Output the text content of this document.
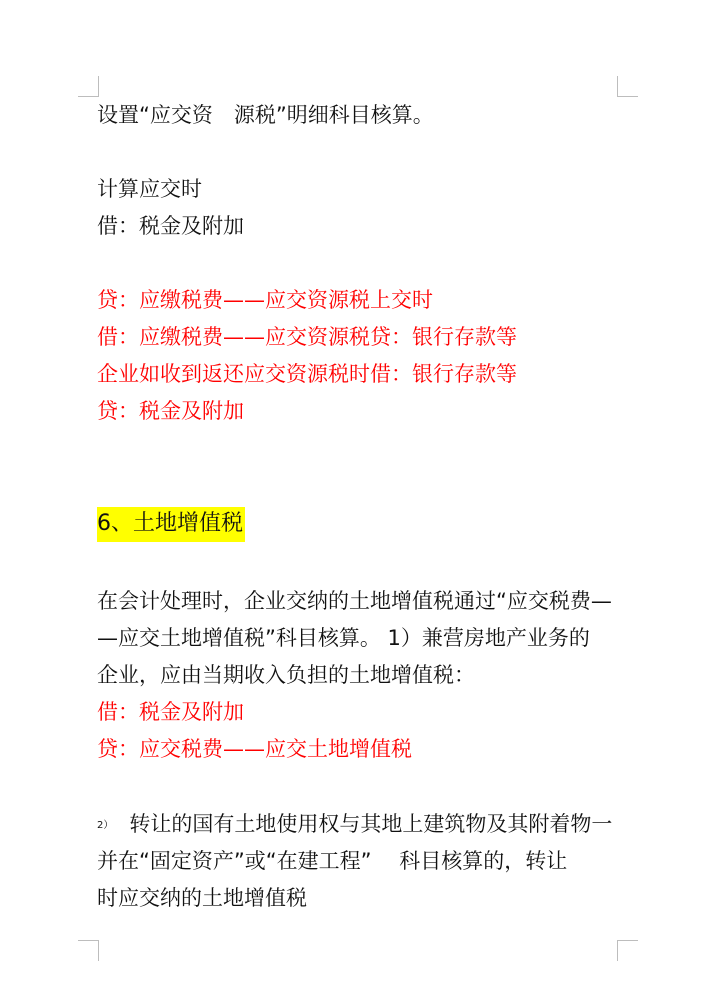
设置“应交资　源税”明细科目核算。

计算应交时

借：税金及附加

贷：应缴税费——应交资源税上交时

借：应缴税费——应交资源税贷：银行存款等

企业如收到返还应交资源税时借：银行存款等

贷：税金及附加

6、土地增值税

在会计处理时，企业交纳的土地增值税通过“应交税费—

—应交土地增值税”科目核算。 1）兼营房地产业务的

企业，应由当期收入负担的土地增值税：

借：税金及附加

贷：应交税费——应交土地增值税

2） 转让的国有土地使用权与其地上建筑物及其附着物一

并在“固定资产”或“在建工程”　 科目核算的，转让

时应交纳的土地增值税
